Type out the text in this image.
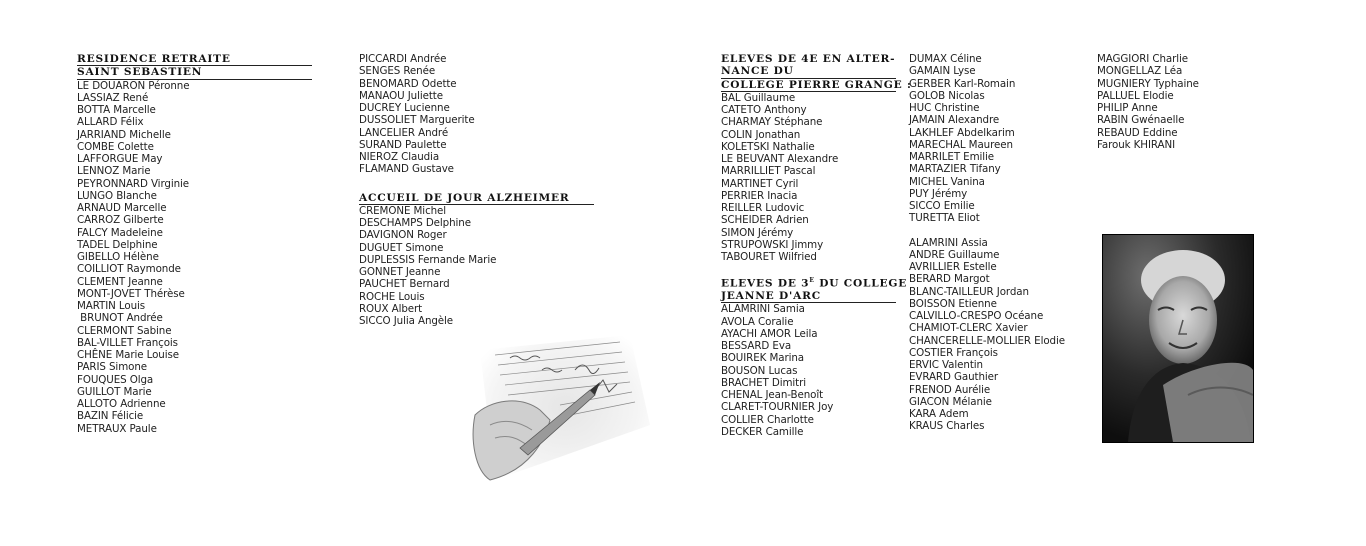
RESIDENCE RETRAITE
SAINT SEBASTIEN
LE DOUARON Péronne
LASSIAZ René
BOTTA Marcelle
ALLARD Félix
JARRIAND Michelle
COMBE Colette
LAFFORGUE May
LENNOZ Marie
PEYRONNARD Virginie
LUNGO Blanche
ARNAUD Marcelle
CARROZ Gilberte
FALCY Madeleine
TADEL Delphine
GIBELLO Hélène
COILLIOT Raymonde
CLEMENT Jeanne
MONT-JOVET Thérèse
MARTIN Louis
BRUNOT Andrée
CLERMONT Sabine
BAL-VILLET François
CHÊNE Marie Louise
PARIS Simone
FOUQUES Olga
GUILLOT Marie
ALLOTO Adrienne
BAZIN Félicie
METRAUX Paule
PICCARDI Andrée
SENGES Renée
BENOMARD Odette
MANAOU Juliette
DUCREY Lucienne
DUSSOLIET Marguerite
LANCELIER André
SURAND Paulette
NIEROZ Claudia
FLAMAND Gustave
ACCUEIL DE JOUR ALZHEIMER
CREMONE Michel
DESCHAMPS Delphine
DAVIGNON Roger
DUGUET Simone
DUPLESSIS Fernande Marie
GONNET Jeanne
PAUCHET Bernard
ROCHE Louis
ROUX Albert
SICCO Julia Angèle
ELEVES DE 4E EN ALTER-
NANCE DU
COLLEGE PIERRE GRANGE :
BAL Guillaume
CATETO Anthony
CHARMAY Stéphane
COLIN Jonathan
KOLETSKI Nathalie
LE BEUVANT Alexandre
MARRILLIET Pascal
MARTINET Cyril
PERRIER Inacia
REILLER Ludovic
SCHEIDER Adrien
SIMON Jérémy
STRUPOWSKI Jimmy
TABOURET Wilfried
ELEVES DE $3^E$ DU COLLEGE
JEANNE D'ARC
ALAMRINI Samia
AVOLA Coralie
AYACHI AMOR Leila
BESSARD Eva
BOUIREK Marina
BOUSON Lucas
BRACHET Dimitri
CHENAL Jean-Benoît
CLARET-TOURNIER Joy
COLLIER Charlotte
DECKER Camille
DUMAX Céline
GAMAIN Lyse
GERBER Karl-Romain
GOLOB Nicolas
HUC Christine
JAMAIN Alexandre
LAKHLEF Abdelkarim
MARECHAL Maureen
MARRILET Emilie
MARTAZIER Tifany
MICHEL Vanina
PUY Jérémy
SICCO Emilie
TURETTA Eliot
ALAMRINI Assia
ANDRE Guillaume
AVRILLIER Estelle
BERARD Margot
BLANC-TAILLEUR Jordan
BOISSON Etienne
CALVILLO-CRESPO Océane
CHAMIOT-CLERC Xavier
CHANCERELLE-MOLLIER Elodie
COSTIER François
ERVIC Valentin
EVRARD Gauthier
FRENOD Aurélie
GIACON Mélanie
KARA Adem
KRAUS Charles
MAGGIORI Charlie
MONGELLAZ Léa
MUGNIERY Typhaine
PALLUEL Elodie
PHILIP Anne
RABIN Gwénaelle
REBAUD Eddine
Farouk KHIRANI
